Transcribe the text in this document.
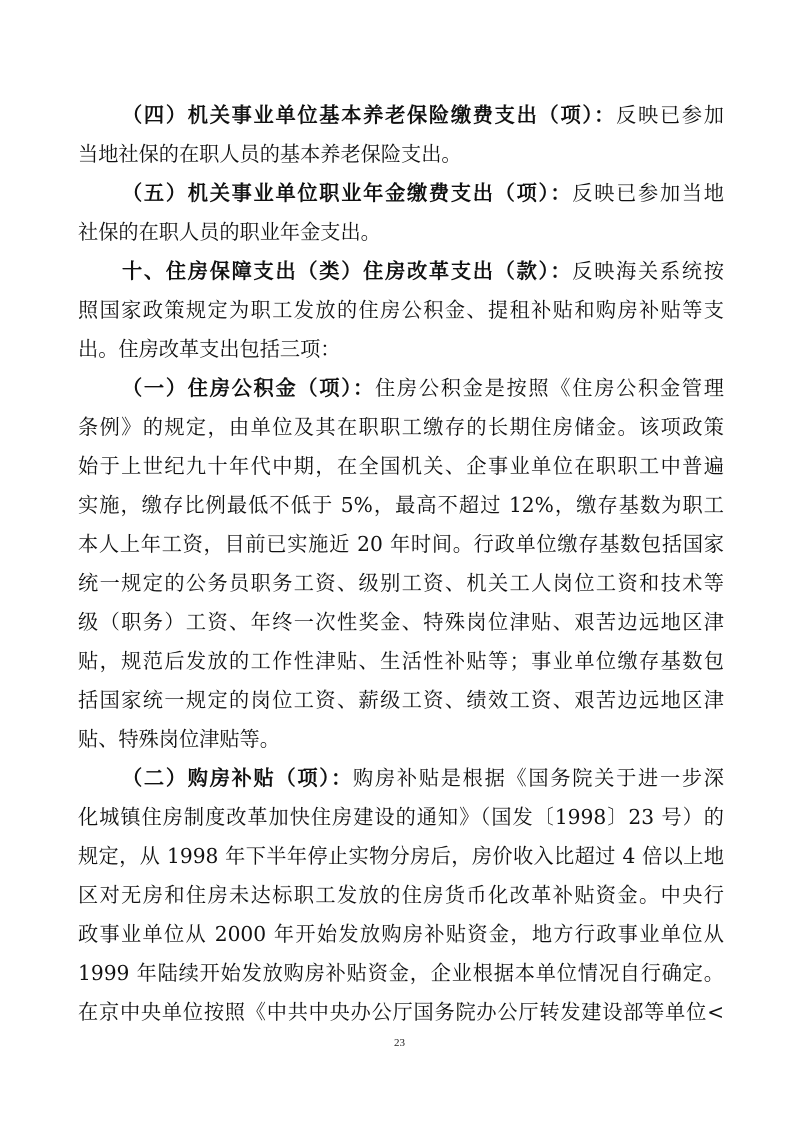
（四）机关事业单位基本养老保险缴费支出（项）：反映已参加
当地社保的在职人员的基本养老保险支出。
（五）机关事业单位职业年金缴费支出（项）：反映已参加当地
社保的在职人员的职业年金支出。
十、住房保障支出（类）住房改革支出（款）：反映海关系统按
照国家政策规定为职工发放的住房公积金、提租补贴和购房补贴等支
出。住房改革支出包括三项：
（一）住房公积金（项）：住房公积金是按照《住房公积金管理
条例》的规定，由单位及其在职职工缴存的长期住房储金。该项政策
始于上世纪九十年代中期，在全国机关、企事业单位在职职工中普遍
实施，缴存比例最低不低于 5%，最高不超过 12%，缴存基数为职工
本人上年工资，目前已实施近 20 年时间。行政单位缴存基数包括国家
统一规定的公务员职务工资、级别工资、机关工人岗位工资和技术等
级（职务）工资、年终一次性奖金、特殊岗位津贴、艰苦边远地区津
贴，规范后发放的工作性津贴、生活性补贴等；事业单位缴存基数包
括国家统一规定的岗位工资、薪级工资、绩效工资、艰苦边远地区津
贴、特殊岗位津贴等。
（二）购房补贴（项）：购房补贴是根据《国务院关于进一步深
化城镇住房制度改革加快住房建设的通知》（国发〔1998〕23 号）的
规定，从 1998 年下半年停止实物分房后，房价收入比超过 4 倍以上地
区对无房和住房未达标职工发放的住房货币化改革补贴资金。中央行
政事业单位从 2000 年开始发放购房补贴资金，地方行政事业单位从
1999 年陆续开始发放购房补贴资金，企业根据本单位情况自行确定。
在京中央单位按照《中共中央办公厅国务院办公厅转发建设部等单位<
23
